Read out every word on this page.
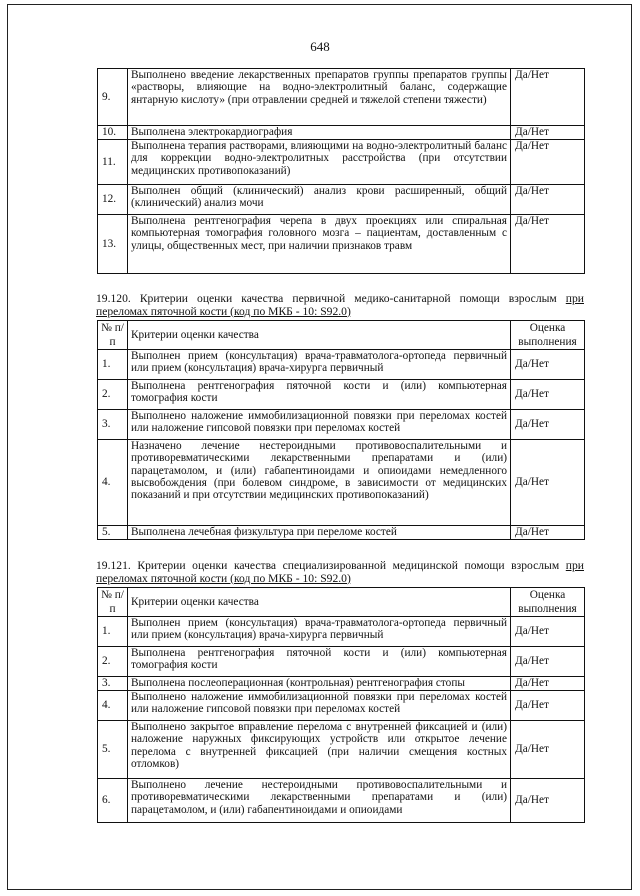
648
9.	Выполнено введение лекарственных препаратов группы препаратов группы «растворы, влияющие на водно-электролитный баланс, содержащие янтарную кислоту» (при отравлении средней и тяжелой степени тяжести)	Да/Нет
10.	Выполнена электрокардиография	Да/Нет
11.	Выполнена терапия растворами, влияющими на водно-электролитный баланс для коррекции водно-электролитных расстройства (при отсутствии медицинских противопоказаний)	Да/Нет
12.	Выполнен общий (клинический) анализ крови расширенный, общий (клинический) анализ мочи	Да/Нет
13.	Выполнена рентгенография черепа в двух проекциях или спиральная компьютерная томография головного мозга – пациентам, доставленным с улицы, общественных мест, при наличии признаков травм	Да/Нет
19.120. Критерии оценки качества первичной медико-санитарной помощи взрослым при переломах пяточной кости (код по МКБ - 10: S92.0)
№ п/п	Критерии оценки качества	Оценка выполнения
1.	Выполнен прием (консультация) врача-травматолога-ортопеда первичный или прием (консультация) врача-хирурга первичный	Да/Нет
2.	Выполнена рентгенография пяточной кости и (или) компьютерная томография кости	Да/Нет
3.	Выполнено наложение иммобилизационной повязки при переломах костей или наложение гипсовой повязки при переломах костей	Да/Нет
4.	Назначено лечение нестероидными противовоспалительными и противоревматическими лекарственными препаратами и (или) парацетамолом, и (или) габапентиноидами и опиоидами немедленного высвобождения (при болевом синдроме, в зависимости от медицинских показаний и при отсутствии медицинских противопоказаний)	Да/Нет
5.	Выполнена лечебная физкультура при переломе костей	Да/Нет
19.121. Критерии оценки качества специализированной медицинской помощи взрослым при переломах пяточной кости (код по МКБ - 10: S92.0)
№ п/п	Критерии оценки качества	Оценка выполнения
1.	Выполнен прием (консультация) врача-травматолога-ортопеда первичный или прием (консультация) врача-хирурга первичный	Да/Нет
2.	Выполнена рентгенография пяточной кости и (или) компьютерная томография кости	Да/Нет
3.	Выполнена послеоперационная (контрольная) рентгенография стопы	Да/Нет
4.	Выполнено наложение иммобилизационной повязки при переломах костей или наложение гипсовой повязки при переломах костей	Да/Нет
5.	Выполнено закрытое вправление перелома с внутренней фиксацией и (или) наложение наружных фиксирующих устройств или открытое лечение перелома с внутренней фиксацией (при наличии смещения костных отломков)	Да/Нет
6.	Выполнено лечение нестероидными противовоспалительными и противоревматическими лекарственными препаратами и (или) парацетамолом, и (или) габапентиноидами и опиоидами	Да/Нет
